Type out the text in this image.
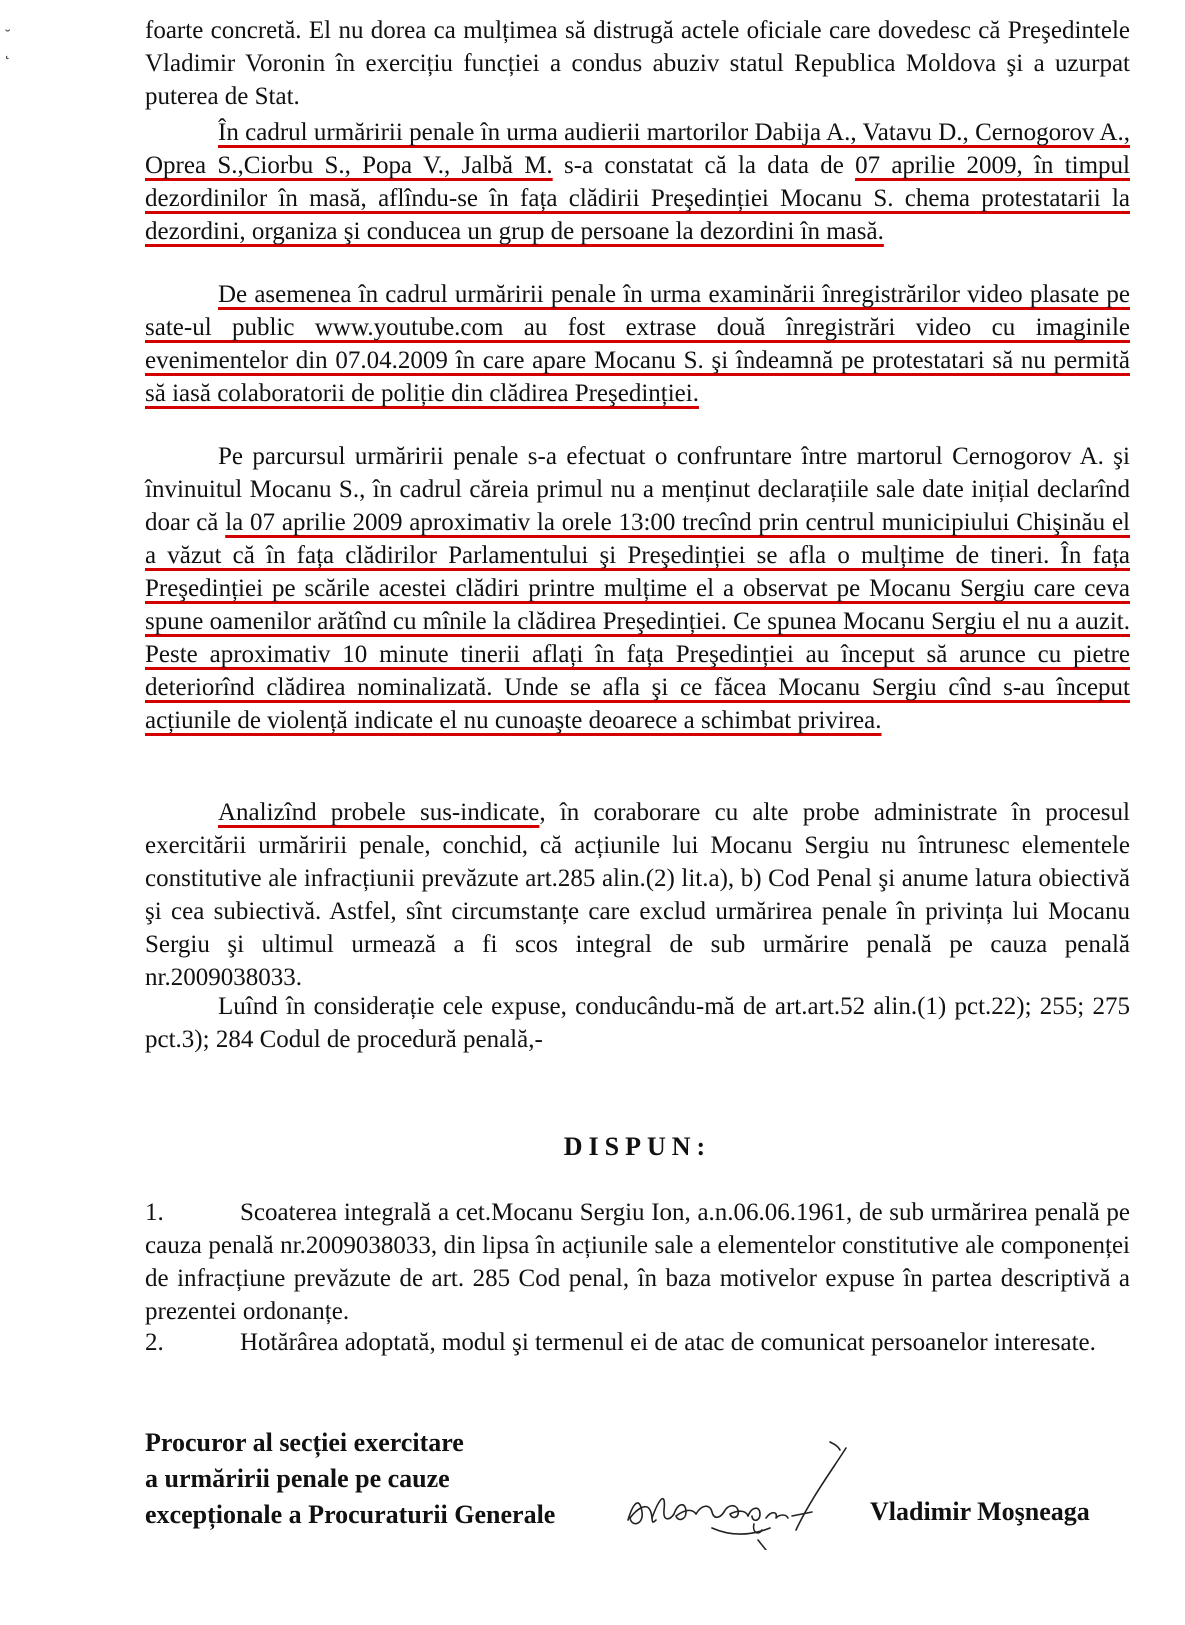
˘
˛

foarte concretă. El nu dorea ca mulțimea să distrugă actele oficiale care dovedesc că Preşedintele Vladimir Voronin în exercițiu funcției a condus abuziv statul Republica Moldova şi a uzurpat puterea de Stat.

În cadrul urmăririi penale în urma audierii martorilor Dabija A., Vatavu D., Cernogorov A., Oprea S.,Ciorbu S., Popa V., Jalbă M. s-a constatat că la data de 07 aprilie 2009, în timpul dezordinilor în masă, aflîndu-se în fața clădirii Preşedinției Mocanu S. chema protestatarii la dezordini, organiza şi conducea un grup de persoane la dezordini în masă.

De asemenea în cadrul urmăririi penale în urma examinării înregistrărilor video plasate pe sate-ul public www.youtube.com au fost extrase două înregistrări video cu imaginile evenimentelor din 07.04.2009 în care apare Mocanu S. şi îndeamnă pe protestatari să nu permită să iasă colaboratorii de poliție din clădirea Preşedinției.

Pe parcursul urmăririi penale s-a efectuat o confruntare între martorul Cernogorov A. şi învinuitul Mocanu S., în cadrul căreia primul nu a menținut declarațiile sale date inițial declarînd doar că la 07 aprilie 2009 aproximativ la orele 13:00 trecînd prin centrul municipiului Chişinău el a văzut că în fața clădirilor Parlamentului şi Preşedinției se afla o mulțime de tineri. În fața Preşedinției pe scările acestei clădiri printre mulțime el a observat pe Mocanu Sergiu care ceva spune oamenilor arătînd cu mînile la clădirea Preşedinției. Ce spunea Mocanu Sergiu el nu a auzit. Peste aproximativ 10 minute tinerii aflați în fața Preşedinției au început să arunce cu pietre deteriorînd clădirea nominalizată. Unde se afla şi ce făcea Mocanu Sergiu cînd s-au început acțiunile de violență indicate el nu cunoaşte deoarece a schimbat privirea.

Analizînd probele sus-indicate, în coraborare cu alte probe administrate în procesul exercitării urmăririi penale, conchid, că acțiunile lui Mocanu Sergiu nu întrunesc elementele constitutive ale infracțiunii prevăzute art.285 alin.(2) lit.a), b) Cod Penal şi anume latura obiectivă şi cea subiectivă. Astfel, sînt circumstanțe care exclud urmărirea penale în privința lui Mocanu Sergiu şi ultimul urmează a fi scos integral de sub urmărire penală pe cauza penală nr.2009038033.

Luînd în considerație cele expuse, conducându-mă de art.art.52 alin.(1) pct.22); 255; 275 pct.3); 284 Codul de procedură penală,-

DISPUN:

1.	Scoaterea integrală a cet.Mocanu Sergiu Ion, a.n.06.06.1961, de sub urmărirea penală pe cauza penală nr.2009038033, din lipsa în acțiunile sale a elementelor constitutive ale componenței de infracțiune prevăzute de art. 285 Cod penal, în baza motivelor expuse în partea descriptivă a prezentei ordonanțe.

2.	Hotărârea adoptată, modul şi termenul ei de atac de comunicat persoanelor interesate.

Procuror al secției exercitare
a urmăririi penale pe cauze
excepționale a Procuraturii Generale	Vladimir Moşneaga
